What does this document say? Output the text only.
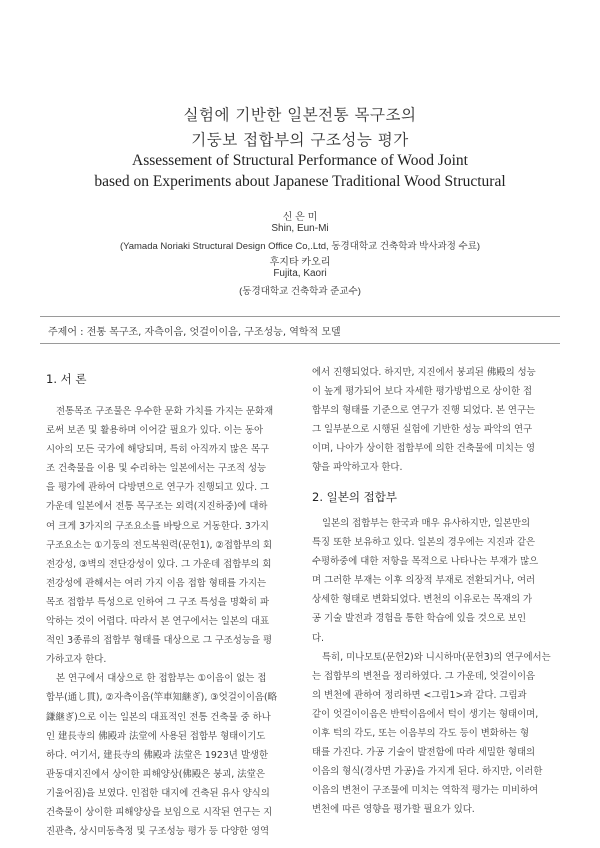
실험에 기반한 일본전통 목구조의
기둥보 접합부의 구조성능 평가
Assessement of Structural Performance of Wood Joint
based on Experiments about Japanese Traditional Wood Structural
신 은 미
Shin, Eun-Mi
(Yamada Noriaki Structural Design Office Co,.Ltd, 동경대학교 건축학과 박사과정 수료)
후지타 카오리
Fujita, Kaori
(동경대학교 건축학과 준교수)
주제어 : 전통 목구조, 자측이음, 엇걸이이음, 구조성능, 역학적 모델
1. 서 론
전통목조 구조물은 우수한 문화 가치를 가지는 문화재
로써 보존 및 활용하며 이어갈 필요가 있다. 이는 동아
시아의 모든 국가에 해당되며, 특히 아직까지 많은 목구
조 건축물을 이용 및 수리하는 일본에서는 구조적 성능
을 평가에 관하여 다방면으로 연구가 진행되고 있다. 그
가운데 일본에서 전통 목구조는 외력(지진하중)에 대하
여 크게 3가지의 구조요소를 바탕으로 거동한다. 3가지
구조요소는 ①기둥의 전도복원력(문헌1), ②접합부의 회
전강성, ③벽의 전단강성이 있다. 그 가운데 접합부의 회
전강성에 관해서는 여러 가지 이음 접합 형태를 가지는
목조 접합부 특성으로 인하여 그 구조 특성을 명확히 파
악하는 것이 어렵다. 따라서 본 연구에서는 일본의 대표
적인 3종류의 접합부 형태를 대상으로 그 구조성능을 평
가하고자 한다.
본 연구에서 대상으로 한 접합부는 ①이음이 없는 접
합부(通し貫), ②자측이음(竿車知継ぎ), ③엇걸이이음(略
鎌継ぎ)으로 이는 일본의 대표적인 전통 건축물 중 하나
인 建長寺의 佛殿과 法堂에 사용된 접합부 형태이기도
하다. 여기서, 建長寺의 佛殿과 法堂은 1923년 발생한
관동대지진에서 상이한 피해양상(佛殿은 붕괴, 法堂은
기울어짐)을 보였다. 인접한 대지에 건축된 유사 양식의
건축물이 상이한 피해양상을 보임으로 시작된 연구는 지
진관측, 상시미동측정 및 구조성능 평가 등 다양한 영역
에서 진행되었다. 하지만, 지진에서 붕괴된 佛殿의 성능
이 높게 평가되어 보다 자세한 평가방법으로 상이한 접
합부의 형태를 기준으로 연구가 진행 되었다. 본 연구는
그 일부분으로 시행된 실험에 기반한 성능 파악의 연구
이며, 나아가 상이한 접합부에 의한 건축물에 미치는 영
향을 파악하고자 한다.
2. 일본의 접합부
일본의 접합부는 한국과 매우 유사하지만, 일본만의
특징 또한 보유하고 있다. 일본의 경우에는 지진과 같은
수평하중에 대한 저항을 목적으로 나타나는 부재가 많으
며 그러한 부재는 이후 의장적 부재로 전환되거나, 여러
상세한 형태로 변화되었다. 변천의 이유로는 목재의 가
공 기술 발전과 경험을 통한 학습에 있을 것으로 보인
다.
특히, 미나모토(문헌2)와 니시하마(문헌3)의 연구에서는
는 접합부의 변천을 정리하였다. 그 가운데, 엇걸이이음
의 변천에 관하여 정리하면 <그림1>과 같다. 그림과
같이 엇걸이이음은 반턱이음에서 턱이 생기는 형태이며,
이후 턱의 각도, 또는 이음부의 각도 등이 변화하는 형
태를 가진다. 가공 기술이 발전함에 따라 세밀한 형태의
이음의 형식(경사면 가공)을 가지게 된다. 하지만, 이러한
이음의 변천이 구조물에 미치는 역학적 평가는 미비하여
변천에 따른 영향을 평가할 필요가 있다.
